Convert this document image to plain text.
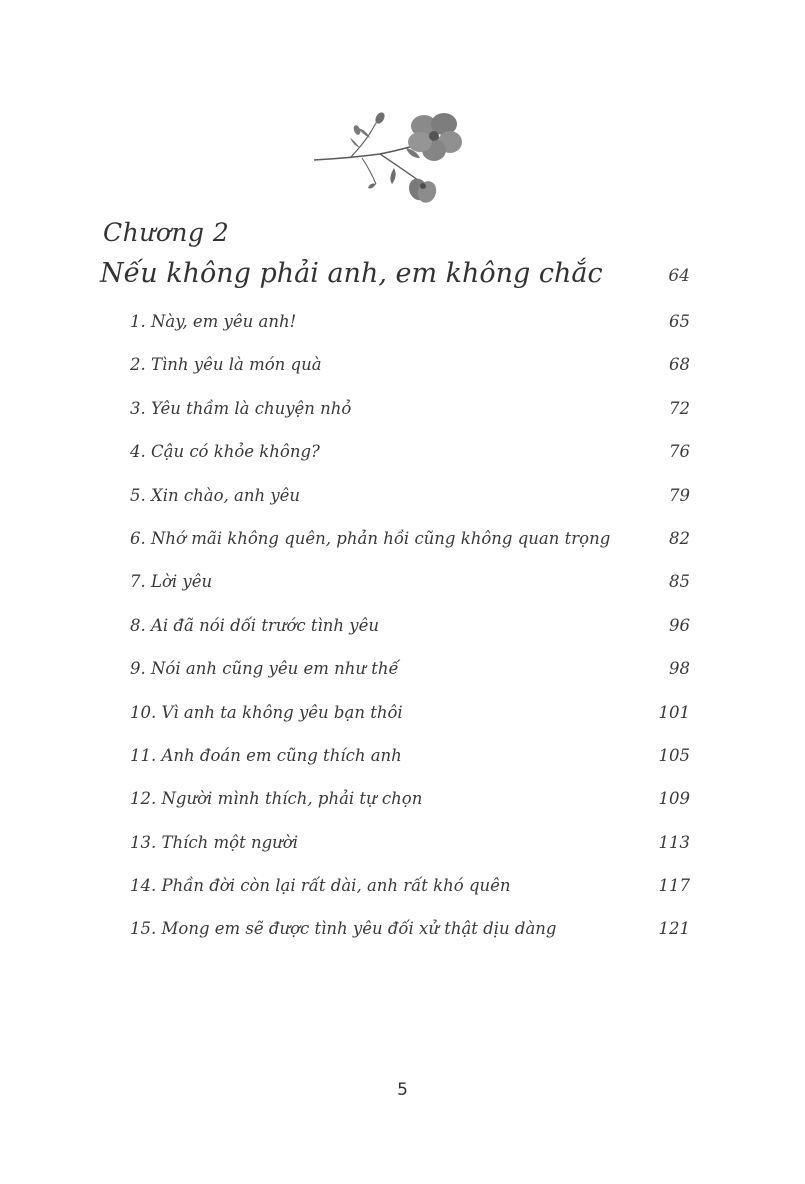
Chương 2
Nếu không phải anh, em không chắc	64
1. Này, em yêu anh!	65
2. Tình yêu là món quà	68
3. Yêu thầm là chuyện nhỏ	72
4. Cậu có khỏe không?	76
5. Xin chào, anh yêu	79
6. Nhớ mãi không quên, phản hồi cũng không quan trọng	82
7. Lời yêu	85
8. Ai đã nói dối trước tình yêu	96
9. Nói anh cũng yêu em như thế	98
10. Vì anh ta không yêu bạn thôi	101
11. Anh đoán em cũng thích anh	105
12. Người mình thích, phải tự chọn	109
13. Thích một người	113
14. Phần đời còn lại rất dài, anh rất khó quên	117
15. Mong em sẽ được tình yêu đối xử thật dịu dàng	121
5
